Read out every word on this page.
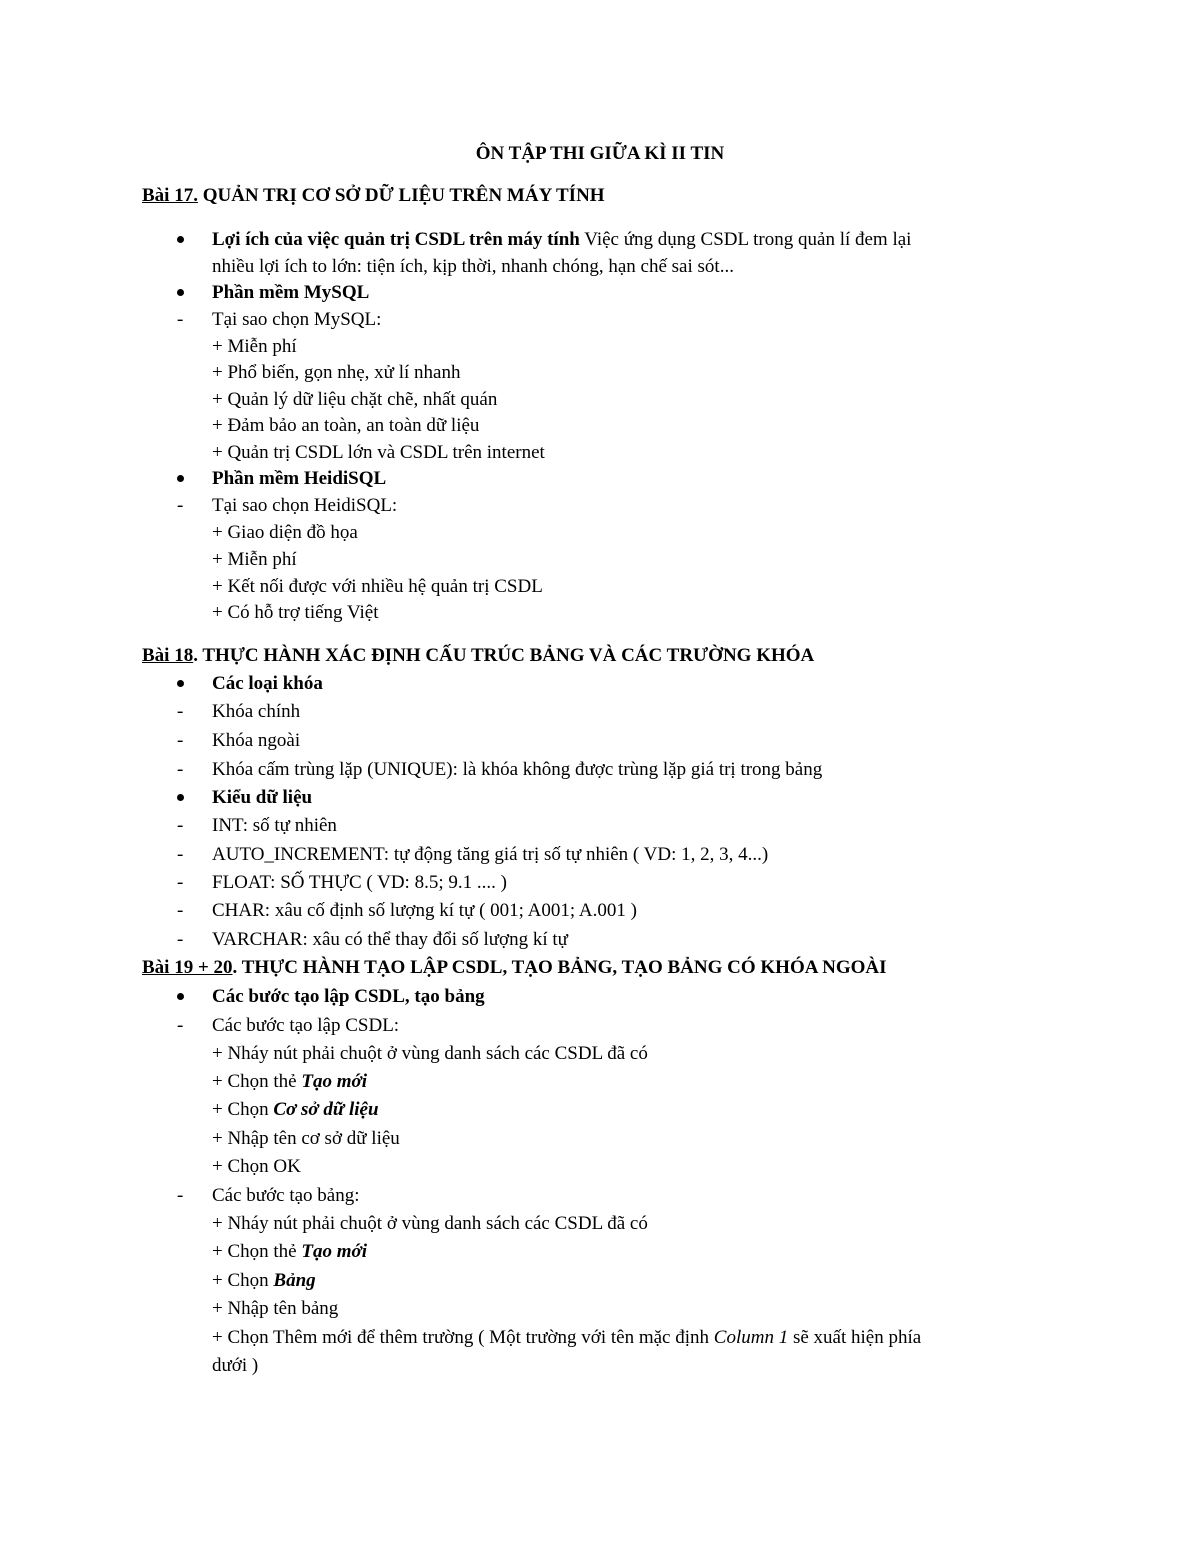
ÔN TẬP THI GIỮA KÌ II TIN
Bài 17. QUẢN TRỊ CƠ SỞ DỮ LIỆU TRÊN MÁY TÍNH
Lợi ích của việc quản trị CSDL trên máy tính Việc ứng dụng CSDL trong quản lí đem lại
nhiều lợi ích to lớn: tiện ích, kịp thời, nhanh chóng, hạn chế sai sót...
Phần mềm MySQL
- Tại sao chọn MySQL:
+ Miễn phí
+ Phổ biến, gọn nhẹ, xử lí nhanh
+ Quản lý dữ liệu chặt chẽ, nhất quán
+ Đảm bảo an toàn, an toàn dữ liệu
+ Quản trị CSDL lớn và CSDL trên internet
Phần mềm HeidiSQL
- Tại sao chọn HeidiSQL:
+ Giao diện đồ họa
+ Miễn phí
+ Kết nối được với nhiều hệ quản trị CSDL
+ Có hỗ trợ tiếng Việt
Bài 18. THỰC HÀNH XÁC ĐỊNH CẤU TRÚC BẢNG VÀ CÁC TRƯỜNG KHÓA
Các loại khóa
- Khóa chính
- Khóa ngoài
- Khóa cấm trùng lặp (UNIQUE): là khóa không được trùng lặp giá trị trong bảng
Kiểu dữ liệu
- INT: số tự nhiên
- AUTO_INCREMENT: tự động tăng giá trị số tự nhiên ( VD: 1, 2, 3, 4...)
- FLOAT: SỐ THỰC ( VD: 8.5; 9.1 .... )
- CHAR: xâu cố định số lượng kí tự ( 001; A001; A.001 )
- VARCHAR: xâu có thể thay đổi số lượng kí tự
Bài 19 + 20. THỰC HÀNH TẠO LẬP CSDL, TẠO BẢNG, TẠO BẢNG CÓ KHÓA NGOÀI
Các bước tạo lập CSDL, tạo bảng
- Các bước tạo lập CSDL:
+ Nháy nút phải chuột ở vùng danh sách các CSDL đã có
+ Chọn thẻ Tạo mới
+ Chọn Cơ sở dữ liệu
+ Nhập tên cơ sở dữ liệu
+ Chọn OK
- Các bước tạo bảng:
+ Nháy nút phải chuột ở vùng danh sách các CSDL đã có
+ Chọn thẻ Tạo mới
+ Chọn Bảng
+ Nhập tên bảng
+ Chọn Thêm mới để thêm trường ( Một trường với tên mặc định Column 1 sẽ xuất hiện phía
dưới )
